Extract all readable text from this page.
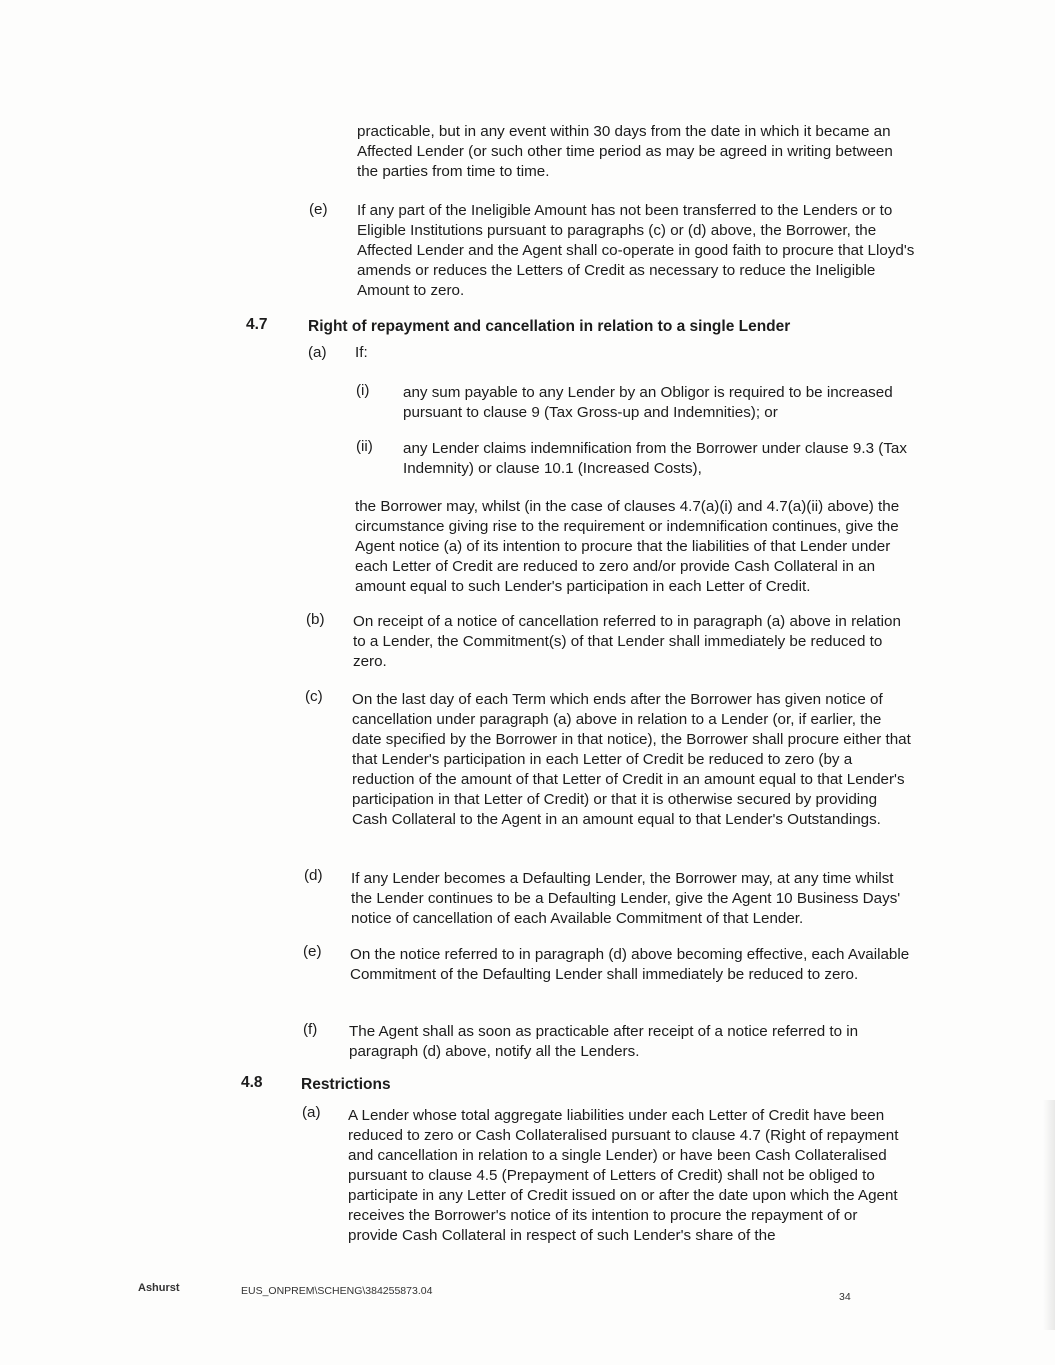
practicable, but in any event within 30 days from the date in which it became an Affected Lender (or such other time period as may be agreed in writing between the parties from time to time.

(e) If any part of the Ineligible Amount has not been transferred to the Lenders or to Eligible Institutions pursuant to paragraphs (c) or (d) above, the Borrower, the Affected Lender and the Agent shall co-operate in good faith to procure that Lloyd's amends or reduces the Letters of Credit as necessary to reduce the Ineligible Amount to zero.

4.7	Right of repayment and cancellation in relation to a single Lender
(a) If:
(i) any sum payable to any Lender by an Obligor is required to be increased pursuant to clause 9 (Tax Gross-up and Indemnities); or

(ii) any Lender claims indemnification from the Borrower under clause 9.3 (Tax Indemnity) or clause 10.1 (Increased Costs),

the Borrower may, whilst (in the case of clauses 4.7(a)(i) and 4.7(a)(ii) above) the circumstance giving rise to the requirement or indemnification continues, give the Agent notice (a) of its intention to procure that the liabilities of that Lender under each Letter of Credit are reduced to zero and/or provide Cash Collateral in an amount equal to such Lender's participation in each Letter of Credit.

(b) On receipt of a notice of cancellation referred to in paragraph (a) above in relation to a Lender, the Commitment(s) of that Lender shall immediately be reduced to zero.

(c) On the last day of each Term which ends after the Borrower has given notice of cancellation under paragraph (a) above in relation to a Lender (or, if earlier, the date specified by the Borrower in that notice), the Borrower shall procure either that that Lender's participation in each Letter of Credit be reduced to zero (by a reduction of the amount of that Letter of Credit in an amount equal to that Lender's participation in that Letter of Credit) or that it is otherwise secured by providing Cash Collateral to the Agent in an amount equal to that Lender's Outstandings.

(d) If any Lender becomes a Defaulting Lender, the Borrower may, at any time whilst the Lender continues to be a Defaulting Lender, give the Agent 10 Business Days' notice of cancellation of each Available Commitment of that Lender.

(e) On the notice referred to in paragraph (d) above becoming effective, each Available Commitment of the Defaulting Lender shall immediately be reduced to zero.

(f) The Agent shall as soon as practicable after receipt of a notice referred to in paragraph (d) above, notify all the Lenders.

4.8 Restrictions
(a) A Lender whose total aggregate liabilities under each Letter of Credit have been reduced to zero or Cash Collateralised pursuant to clause 4.7 (Right of repayment and cancellation in relation to a single Lender) or have been Cash Collateralised pursuant to clause 4.5 (Prepayment of Letters of Credit) shall not be obliged to participate in any Letter of Credit issued on or after the date upon which the Agent receives the Borrower's notice of its intention to procure the repayment of or provide Cash Collateral in respect of such Lender's share of the

Ashurst	EUS_ONPREM\SCHENG\384255873.04	34
